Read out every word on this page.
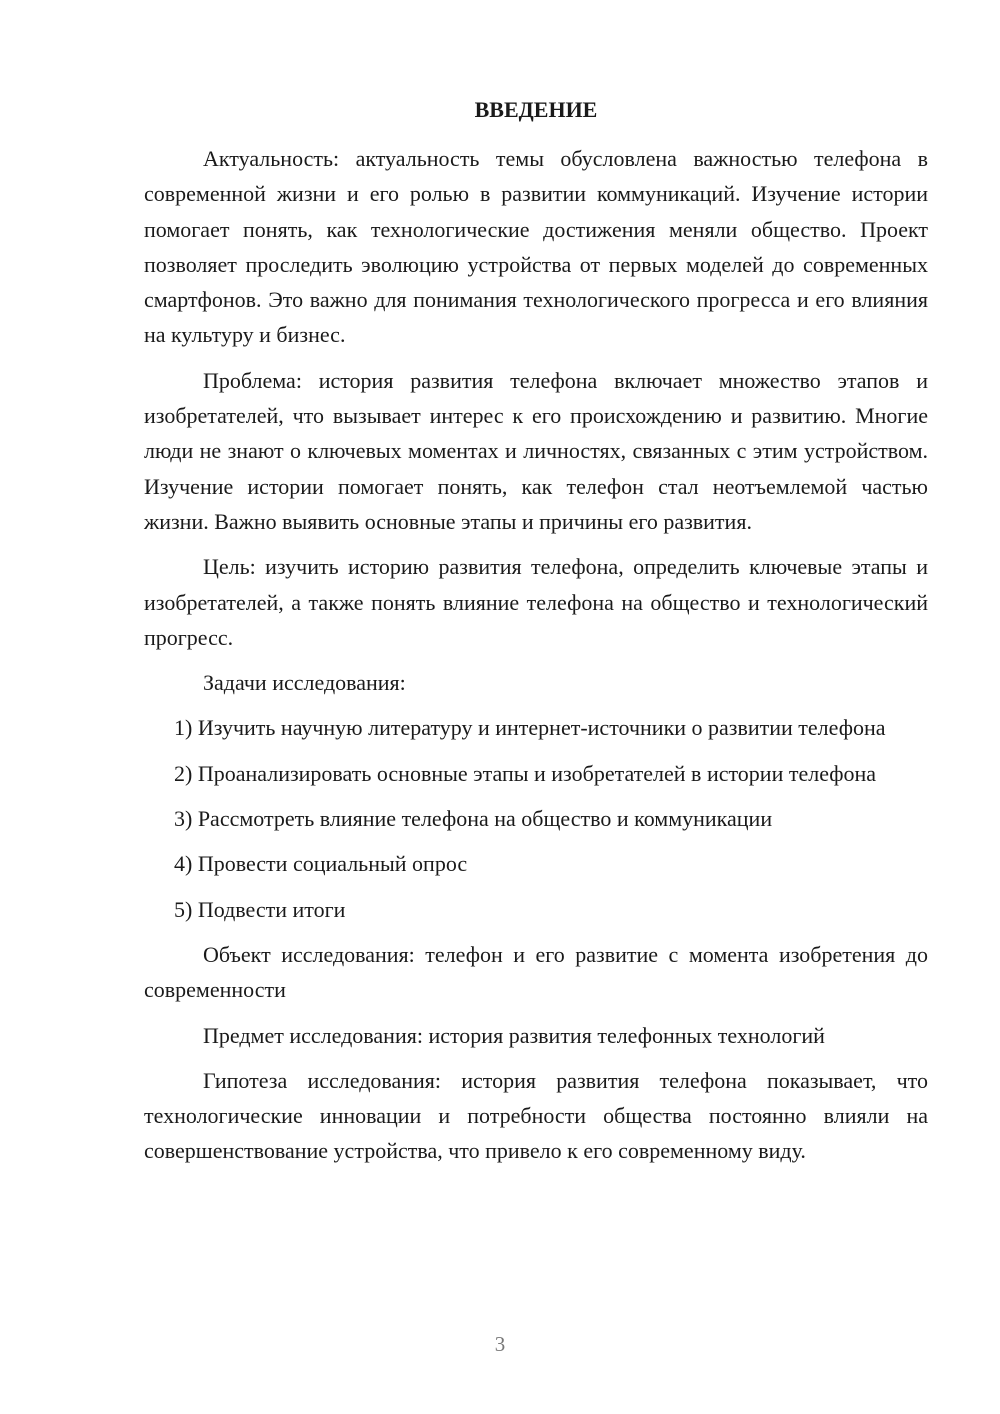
ВВЕДЕНИЕ

Актуальность: актуальность темы обусловлена важностью телефона в современной жизни и его ролью в развитии коммуникаций. Изучение истории помогает понять, как технологические достижения меняли общество. Проект позволяет проследить эволюцию устройства от первых моделей до современных смартфонов. Это важно для понимания технологического прогресса и его влияния на культуру и бизнес.

Проблема: история развития телефона включает множество этапов и изобретателей, что вызывает интерес к его происхождению и развитию. Многие люди не знают о ключевых моментах и личностях, связанных с этим устройством. Изучение истории помогает понять, как телефон стал неотъемлемой частью жизни. Важно выявить основные этапы и причины его развития.

Цель: изучить историю развития телефона, определить ключевые этапы и изобретателей, а также понять влияние телефона на общество и технологический прогресс.

Задачи исследования:

1) Изучить научную литературу и интернет-источники о развитии телефона

2) Проанализировать основные этапы и изобретателей в истории телефона

3) Рассмотреть влияние телефона на общество и коммуникации

4) Провести социальный опрос

5) Подвести итоги

Объект исследования: телефон и его развитие с момента изобретения до современности

Предмет исследования: история развития телефонных технологий

Гипотеза исследования: история развития телефона показывает, что технологические инновации и потребности общества постоянно влияли на совершенствование устройства, что привело к его современному виду.

3
